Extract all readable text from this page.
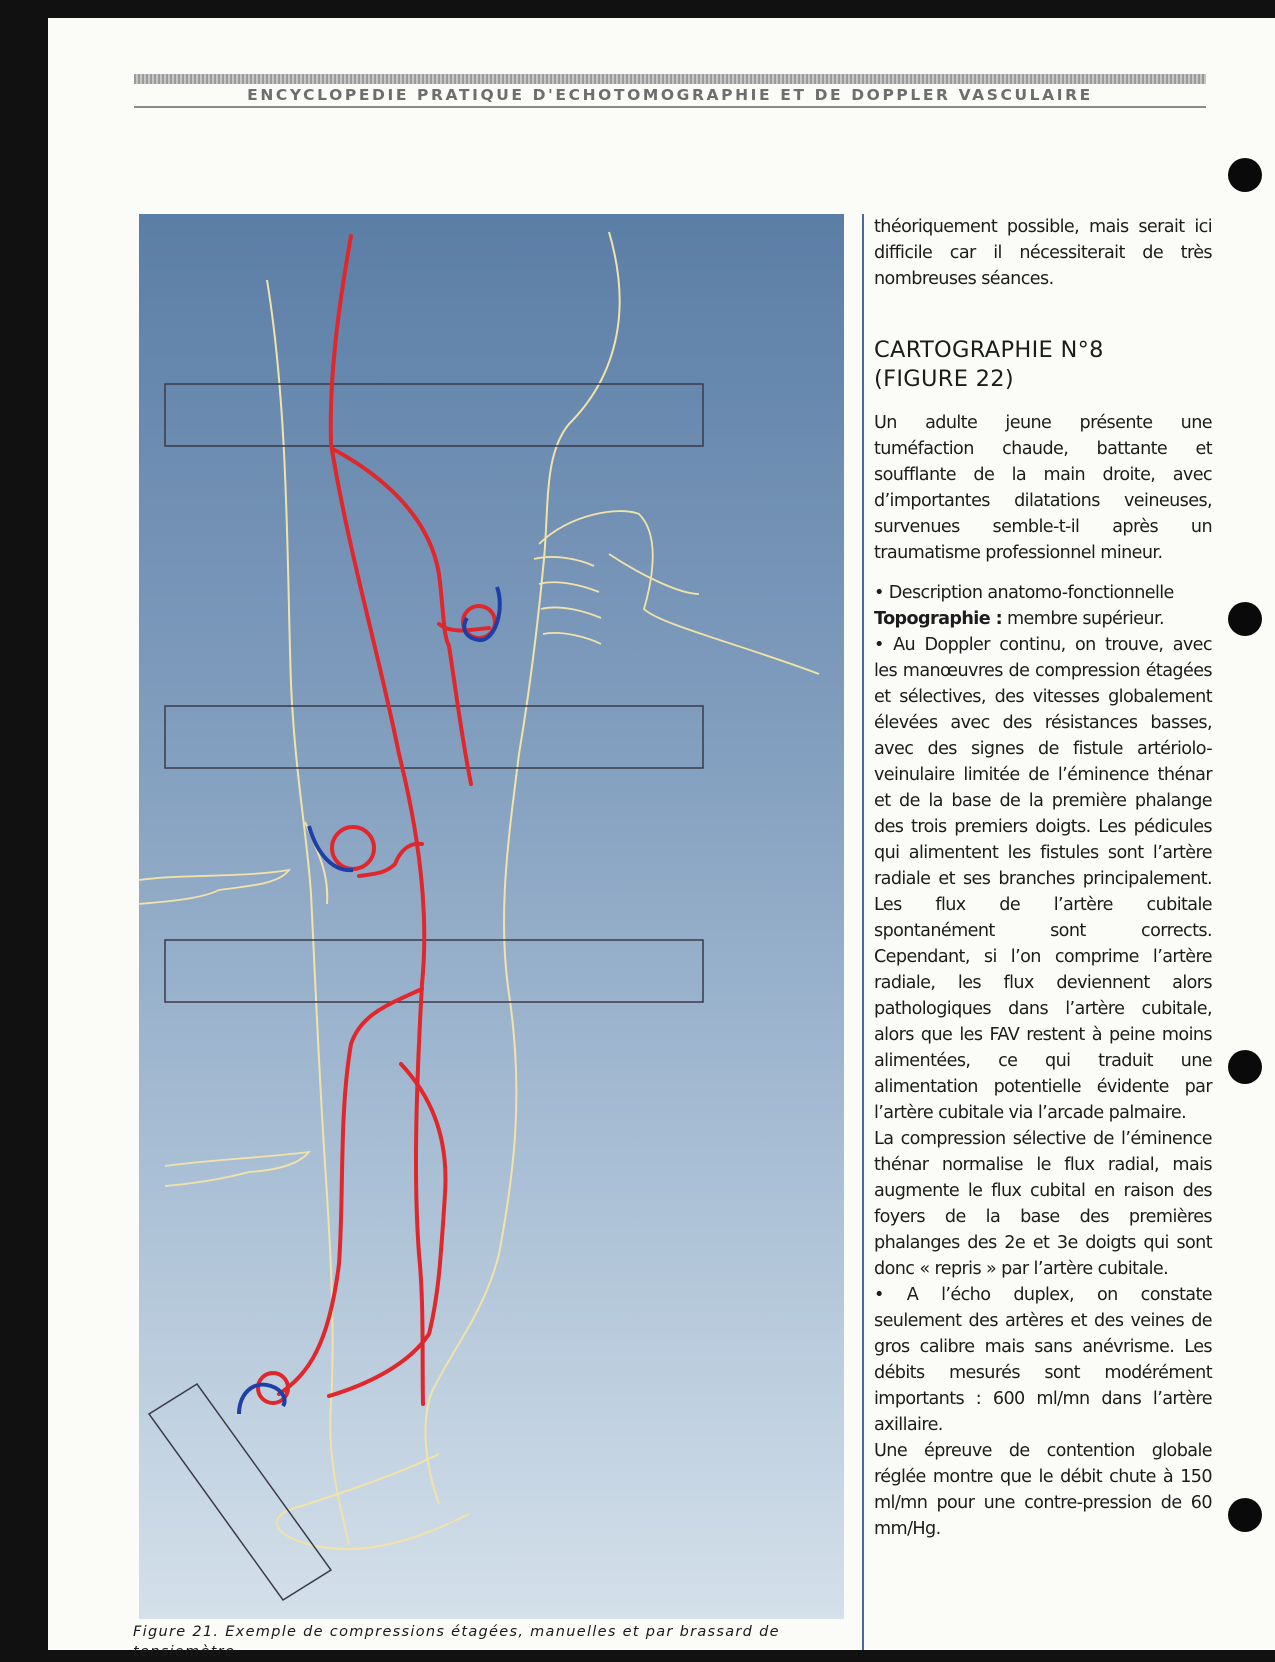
ENCYCLOPEDIE PRATIQUE D'ECHOTOMOGRAPHIE ET DE DOPPLER VASCULAIRE
Figure 21. Exemple de compressions étagées, manuelles et par brassard de tensiomètre.

théoriquement possible, mais serait ici difficile car il nécessiterait de très nombreuses séances.

CARTOGRAPHIE N°8
(FIGURE 22)

Un adulte jeune présente une tuméfaction chaude, battante et soufflante de la main droite, avec d’importantes dilatations veineuses, survenues semble-t-il après un traumatisme professionnel mineur.

• Description anatomo-fonctionnelle

Topographie : membre supérieur.

• Au Doppler continu, on trouve, avec les manœuvres de compression étagées et sélectives, des vitesses globalement élevées avec des résistances basses, avec des signes de fistule artériolo-veinulaire limitée de l’éminence thénar et de la base de la première phalange des trois premiers doigts. Les pédicules qui alimentent les fistules sont l’artère radiale et ses branches principalement. Les flux de l’artère cubitale spontanément sont corrects. Cependant, si l’on comprime l’artère radiale, les flux deviennent alors pathologiques dans l’artère cubitale, alors que les FAV restent à peine moins alimentées, ce qui traduit une alimentation potentielle évidente par l’artère cubitale via l’arcade palmaire.

La compression sélective de l’éminence thénar normalise le flux radial, mais augmente le flux cubital en raison des foyers de la base des premières phalanges des 2e et 3e doigts qui sont donc « repris » par l’artère cubitale.

• A l’écho duplex, on constate seulement des artères et des veines de gros calibre mais sans anévrisme. Les débits mesurés sont modérément importants : 600 ml/mn dans l’artère axillaire.

Une épreuve de contention globale réglée montre que le débit chute à 150 ml/mn pour une contre-pression de 60 mm/Hg.
